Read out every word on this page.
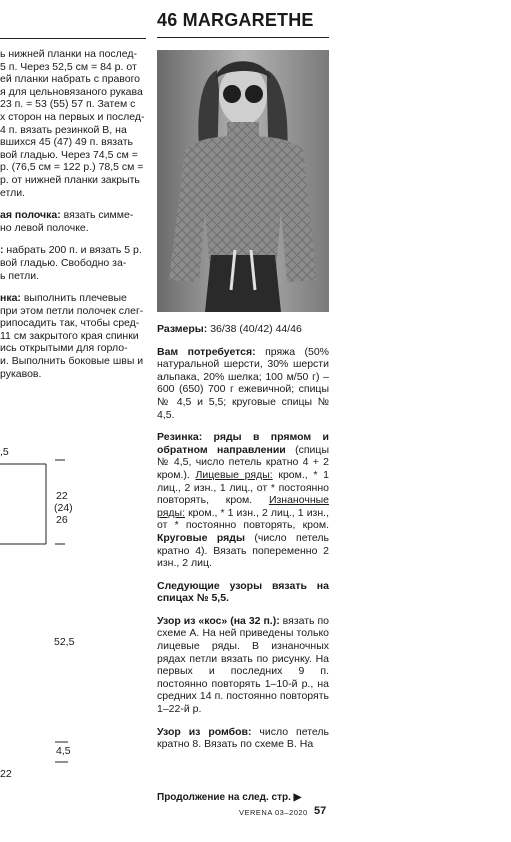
ь нижней планки на послед-
5 п. Через 52,5 см = 84 р. от
ей планки набрать с правого
я для цельновязаного рукава
23 п. = 53 (55) 57 п. Затем с
х сторон на первых и послед-
4 п. вязать резинкой В, на
вшихся 45 (47) 49 п. вязать
вой гладью. Через 74,5 см =
р. (76,5 см = 122 р.) 78,5 см =
р. от нижней планки закрыть
етли.

ая полочка: вязать симме-
но левой полочке.

: набрать 200 п. и вязать 5 р.
вой гладью. Свободно за-
ь петли.

нка: выполнить плечевые
при этом петли полочек слег-
рипосадить так, чтобы сред-
11 см закрытого края спинки
ись открытыми для горло-
и. Выполнить боковые швы и
рукавов.

,5
22
(24)
26
52,5
4,5
22
46 MARGARETHE

Размеры: 36/38 (40/42) 44/46

Вам потребуется: пряжа (50% натуральной шерсти, 30% шерсти альпака, 20% шелка; 100 м/50 г) – 600 (650) 700 г ежевичной; спицы № 4,5 и 5,5; круговые спицы № 4,5.

Резинка: ряды в прямом и обратном направлении (спицы № 4,5, число петель кратно 4 + 2 кром.). Лицевые ряды: кром., * 1 лиц., 2 изн., 1 лиц., от * постоянно повторять, кром. Изнаночные ряды: кром., * 1 изн., 2 лиц., 1 изн., от * постоянно повторять, кром. Круговые ряды (число петель кратно 4). Вязать попеременно 2 изн., 2 лиц.

Следующие узоры вязать на спицах № 5,5.

Узор из «кос» (на 32 п.): вязать по схеме А. На ней приведены только лицевые ряды. В изнаночных рядах петли вязать по рисунку. На первых и последних 9 п. постоянно повторять 1–10-й р., на средних 14 п. постоянно повторять 1–22-й р.

Узор из ромбов: число петель кратно 8. Вязать по схеме В. На

Продолжение на след. стр. ▶
VERENA 03–2020 57
